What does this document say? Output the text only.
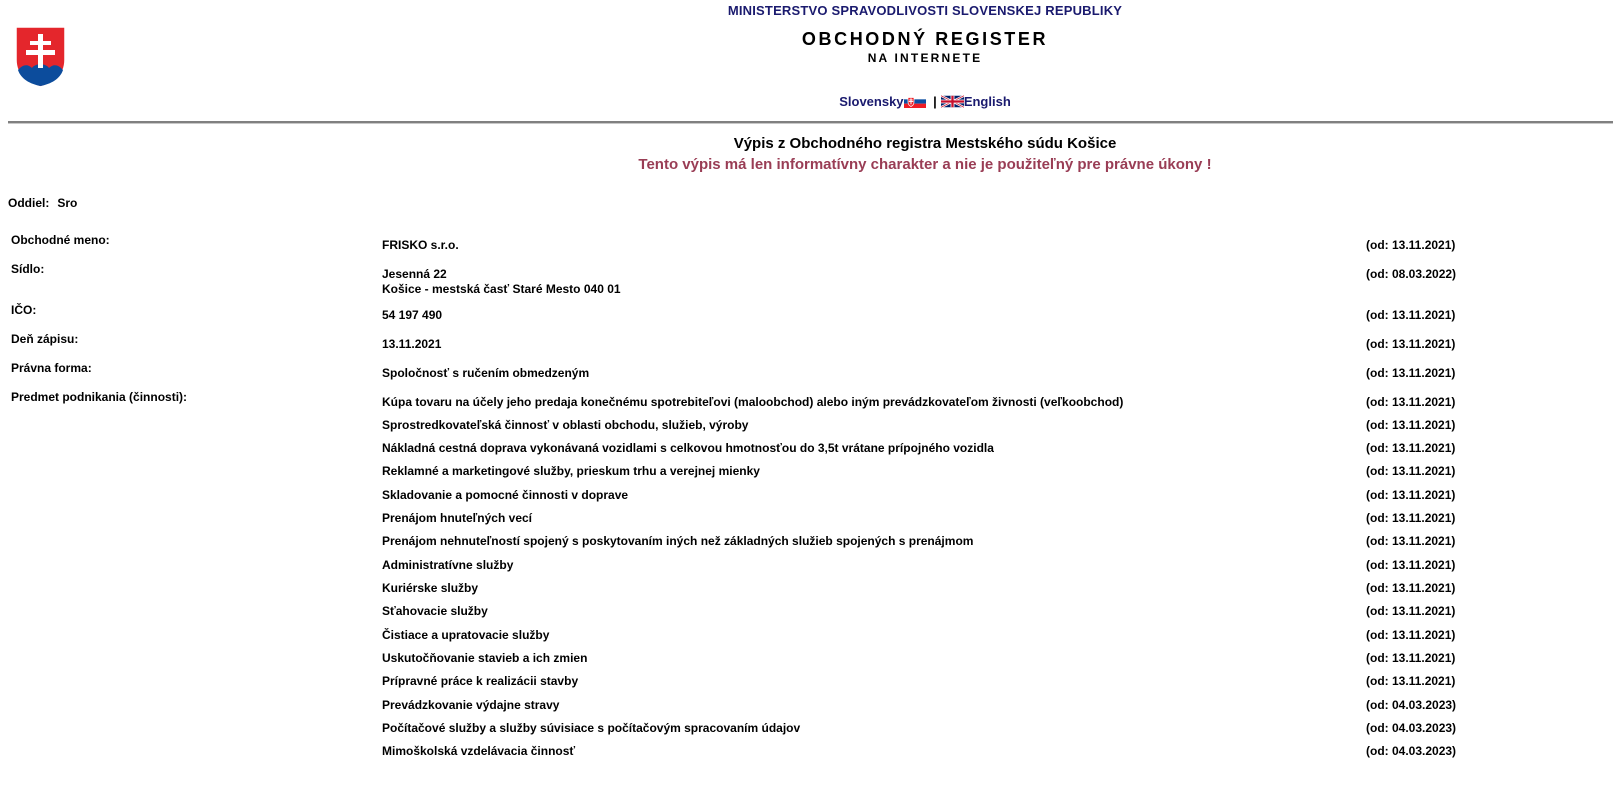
MINISTERSTVO SPRAVODLIVOSTI SLOVENSKEJ REPUBLIKY
OBCHODNÝ REGISTER
NA INTERNETE
Slovensky | English
Výpis z Obchodného registra Mestského súdu Košice
Tento výpis má len informatívny charakter a nie je použiteľný pre právne úkony !
Oddiel: Sro
Obchodné meno:	FRISKO s.r.o.	(od: 13.11.2021)
Sídlo:	Jesenná 22
Košice - mestská časť Staré Mesto 040 01
(od: 08.03.2022)
IČO:	54 197 490	(od: 13.11.2021)
Deň zápisu:	13.11.2021	(od: 13.11.2021)
Právna forma:	Spoločnosť s ručením obmedzeným	(od: 13.11.2021)
Predmet podnikania (činnosti):	Kúpa tovaru na účely jeho predaja konečnému spotrebiteľovi (maloobchod) alebo iným prevádzkovateľom živnosti (veľkoobchod)	(od: 13.11.2021)
Sprostredkovateľská činnosť v oblasti obchodu, služieb, výroby	(od: 13.11.2021)
Nákladná cestná doprava vykonávaná vozidlami s celkovou hmotnosťou do 3,5t vrátane prípojného vozidla	(od: 13.11.2021)
Reklamné a marketingové služby, prieskum trhu a verejnej mienky	(od: 13.11.2021)
Skladovanie a pomocné činnosti v doprave	(od: 13.11.2021)
Prenájom hnuteľných vecí	(od: 13.11.2021)
Prenájom nehnuteľností spojený s poskytovaním iných než základných služieb spojených s prenájmom	(od: 13.11.2021)
Administratívne služby	(od: 13.11.2021)
Kuriérske služby	(od: 13.11.2021)
Sťahovacie služby	(od: 13.11.2021)
Čistiace a upratovacie služby	(od: 13.11.2021)
Uskutočňovanie stavieb a ich zmien	(od: 13.11.2021)
Prípravné práce k realizácii stavby	(od: 13.11.2021)
Prevádzkovanie výdajne stravy	(od: 04.03.2023)
Počítačové služby a služby súvisiace s počítačovým spracovaním údajov	(od: 04.03.2023)
Mimoškolská vzdelávacia činnosť	(od: 04.03.2023)
